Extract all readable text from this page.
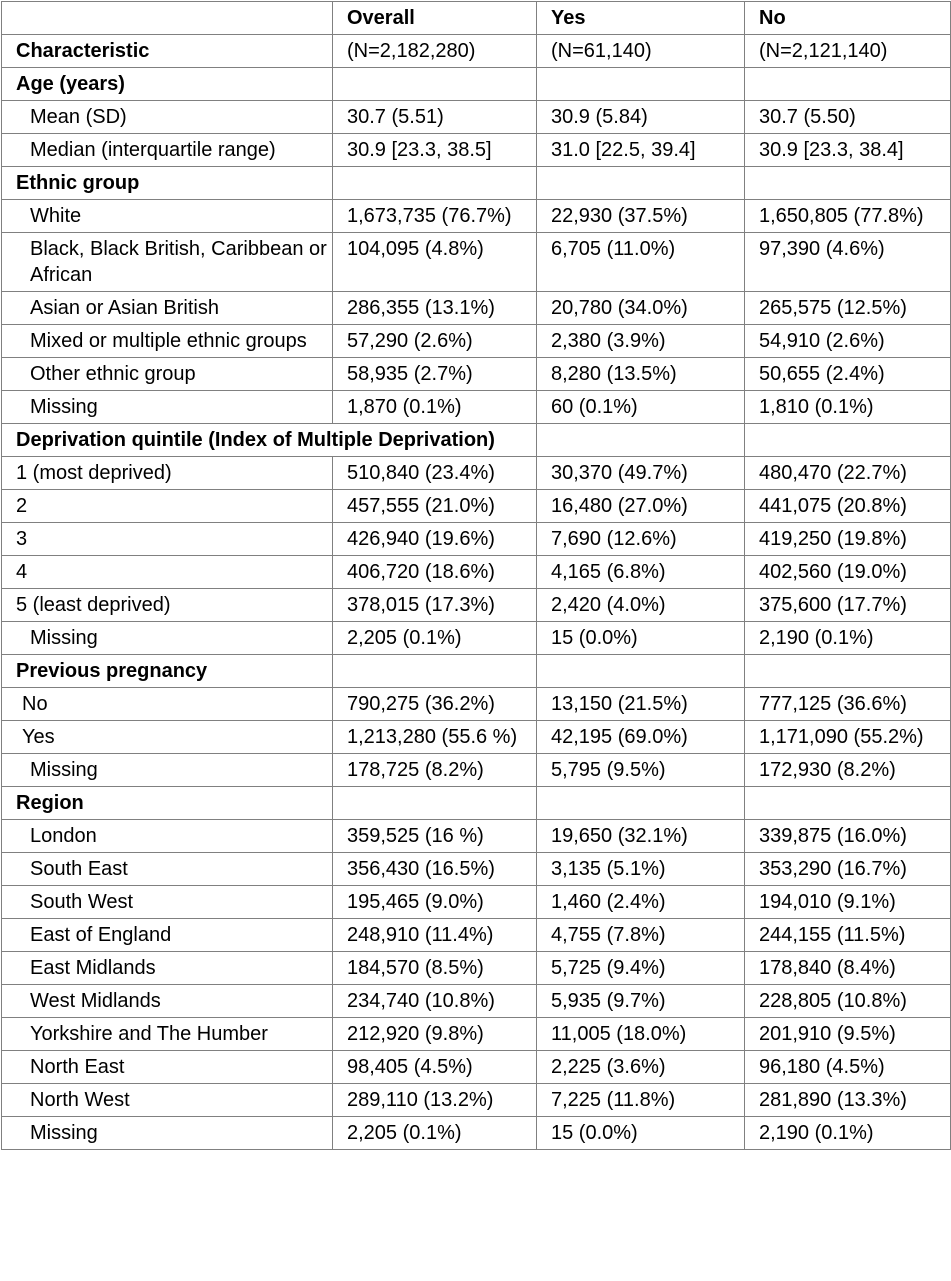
	Overall	Yes	No
Characteristic	(N=2,182,280)	(N=61,140)	(N=2,121,140)
Age (years)			
Mean (SD)	30.7 (5.51)	30.9 (5.84)	30.7 (5.50)
Median (interquartile range)	30.9 [23.3, 38.5]	31.0 [22.5, 39.4]	30.9 [23.3, 38.4]
Ethnic group			
White	1,673,735 (76.7%)	22,930 (37.5%)	1,650,805 (77.8%)
Black, Black British, Caribbean or African	104,095 (4.8%)	6,705 (11.0%)	97,390 (4.6%)
Asian or Asian British	286,355 (13.1%)	20,780 (34.0%)	265,575 (12.5%)
Mixed or multiple ethnic groups	57,290 (2.6%)	2,380 (3.9%)	54,910 (2.6%)
Other ethnic group	58,935 (2.7%)	8,280 (13.5%)	50,655 (2.4%)
Missing	1,870 (0.1%)	60 (0.1%)	1,810 (0.1%)
Deprivation quintile (Index of Multiple Deprivation)			
1 (most deprived)	510,840 (23.4%)	30,370 (49.7%)	480,470 (22.7%)
2	457,555 (21.0%)	16,480 (27.0%)	441,075 (20.8%)
3	426,940 (19.6%)	7,690 (12.6%)	419,250 (19.8%)
4	406,720 (18.6%)	4,165 (6.8%)	402,560 (19.0%)
5 (least deprived)	378,015 (17.3%)	2,420 (4.0%)	375,600 (17.7%)
Missing	2,205 (0.1%)	15 (0.0%)	2,190 (0.1%)
Previous pregnancy			
No	790,275 (36.2%)	13,150 (21.5%)	777,125 (36.6%)
Yes	1,213,280 (55.6 %)	42,195 (69.0%)	1,171,090 (55.2%)
Missing	178,725 (8.2%)	5,795 (9.5%)	172,930 (8.2%)
Region			
London	359,525 (16 %)	19,650 (32.1%)	339,875 (16.0%)
South East	356,430 (16.5%)	3,135 (5.1%)	353,290 (16.7%)
South West	195,465 (9.0%)	1,460 (2.4%)	194,010 (9.1%)
East of England	248,910 (11.4%)	4,755 (7.8%)	244,155 (11.5%)
East Midlands	184,570 (8.5%)	5,725 (9.4%)	178,840 (8.4%)
West Midlands	234,740 (10.8%)	5,935 (9.7%)	228,805 (10.8%)
Yorkshire and The Humber	212,920 (9.8%)	11,005 (18.0%)	201,910 (9.5%)
North East	98,405 (4.5%)	2,225 (3.6%)	96,180 (4.5%)
North West	289,110 (13.2%)	7,225 (11.8%)	281,890 (13.3%)
Missing	2,205 (0.1%)	15 (0.0%)	2,190 (0.1%)
